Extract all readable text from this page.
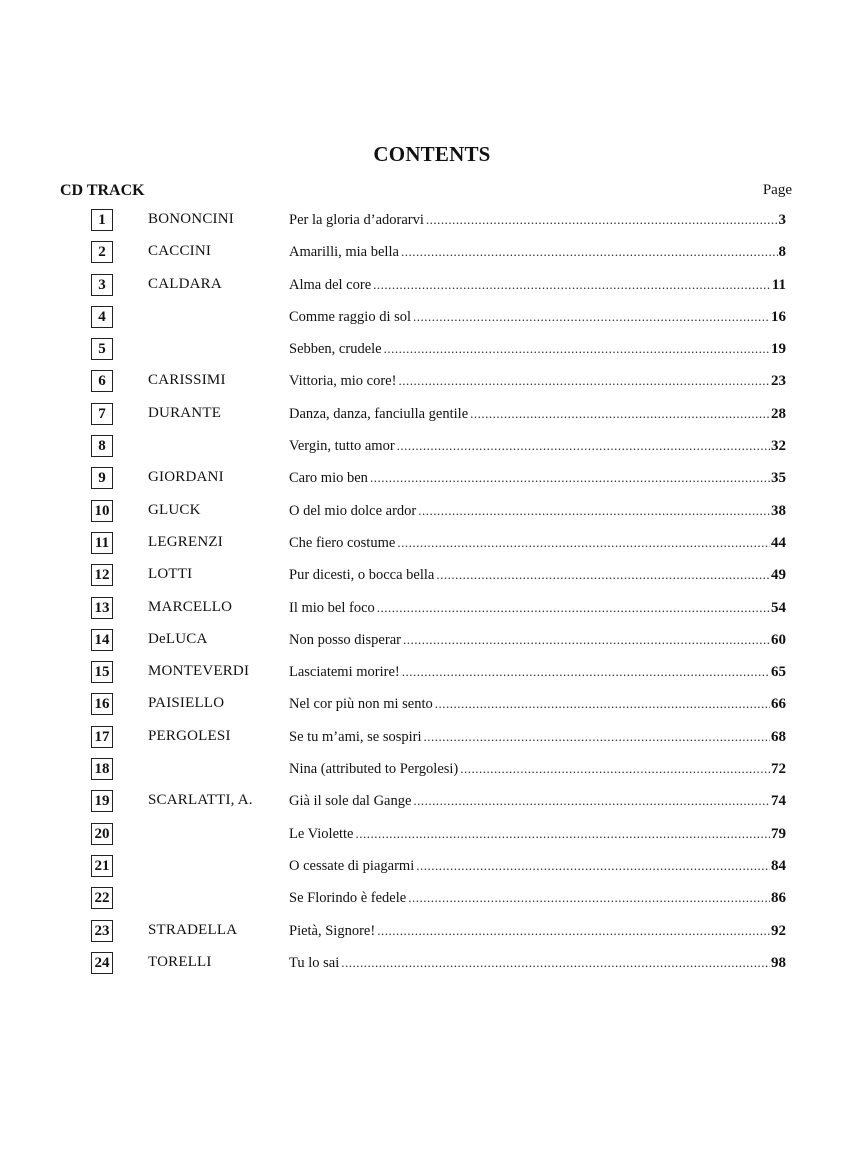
CONTENTS
CD TRACK	Page
1	BONONCINI	Per la gloria d’adorarvi .....	3
2	CACCINI	Amarilli, mia bella .....	8
3	CALDARA	Alma del core .....	11
4	Comme raggio di sol .....	16
5	Sebben, crudele .....	19
6	CARISSIMI	Vittoria, mio core! .....	23
7	DURANTE	Danza, danza, fanciulla gentile .....	28
8	Vergin, tutto amor .....	32
9	GIORDANI	Caro mio ben .....	35
10	GLUCK	O del mio dolce ardor .....	38
11	LEGRENZI	Che fiero costume .....	44
12	LOTTI	Pur dicesti, o bocca bella .....	49
13	MARCELLO	Il mio bel foco .....	54
14	DeLUCA	Non posso disperar .....	60
15	MONTEVERDI	Lasciatemi morire! .....	65
16	PAISIELLO	Nel cor più non mi sento .....	66
17	PERGOLESI	Se tu m’ami, se sospiri .....	68
18	Nina (attributed to Pergolesi) .....	72
19	SCARLATTI, A.	Già il sole dal Gange .....	74
20	Le Violette .....	79
21	O cessate di piagarmi .....	84
22	Se Florindo è fedele .....	86
23	STRADELLA	Pietà, Signore! .....	92
24	TORELLI	Tu lo sai .....	98
